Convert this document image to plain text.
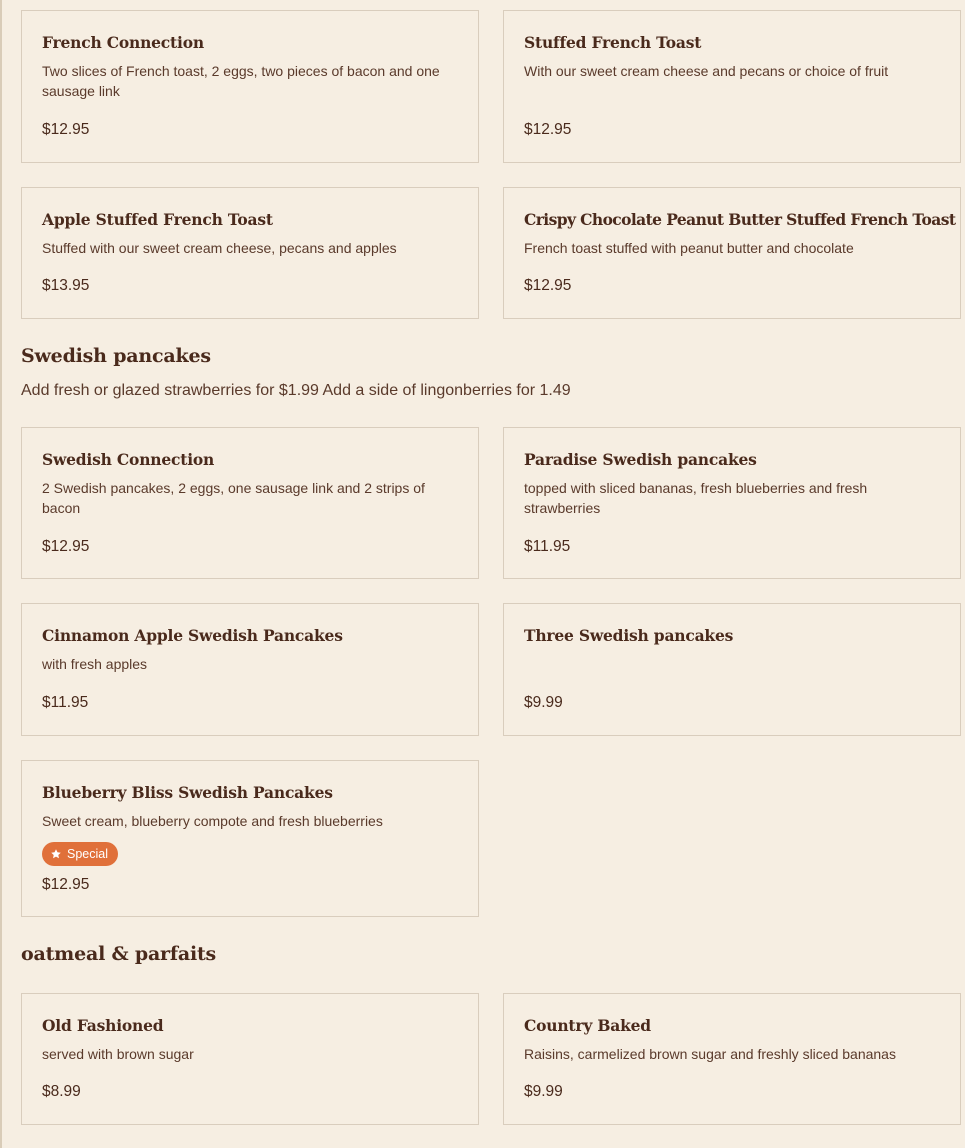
French Connection
Two slices of French toast, 2 eggs, two pieces of bacon and one sausage link
$12.95
Stuffed French Toast
With our sweet cream cheese and pecans or choice of fruit
$12.95
Apple Stuffed French Toast
Stuffed with our sweet cream cheese, pecans and apples
$13.95
Crispy Chocolate Peanut Butter Stuffed French Toast
French toast stuffed with peanut butter and chocolate
$12.95
Swedish pancakes

Add fresh or glazed strawberries for $1.99 Add a side of lingonberries for 1.49

Swedish Connection
2 Swedish pancakes, 2 eggs, one sausage link and 2 strips of bacon
$12.95
Paradise Swedish pancakes
topped with sliced bananas, fresh blueberries and fresh strawberries
$11.95
Cinnamon Apple Swedish Pancakes
with fresh apples
$11.95
Three Swedish pancakes
$9.99
Blueberry Bliss Swedish Pancakes
Sweet cream, blueberry compote and fresh blueberries
Special
$12.95
oatmeal & parfaits
Old Fashioned
served with brown sugar
$8.99
Country Baked
Raisins, carmelized brown sugar and freshly sliced bananas
$9.99
